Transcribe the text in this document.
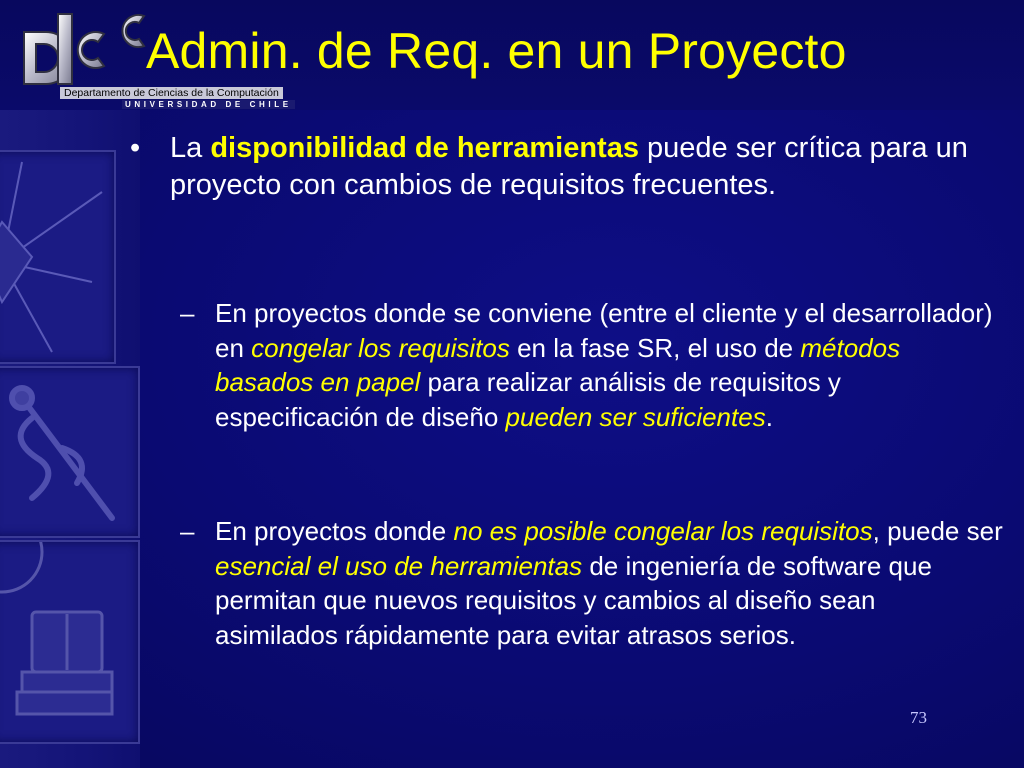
Departamento de Ciencias de la Computación
UNIVERSIDAD DE CHILE
Admin. de Req. en un Proyecto
• La disponibilidad de herramientas puede ser crítica para un proyecto con cambios de requisitos frecuentes.
– En proyectos donde se conviene (entre el cliente y el desarrollador) en congelar los requisitos en la fase SR, el uso de métodos basados en papel para realizar análisis de requisitos y especificación de diseño pueden ser suficientes.
– En proyectos donde no es posible congelar los requisitos, puede ser esencial el uso de herramientas de ingeniería de software que permitan que nuevos requisitos y cambios al diseño sean asimilados rápidamente para evitar atrasos serios.
73
